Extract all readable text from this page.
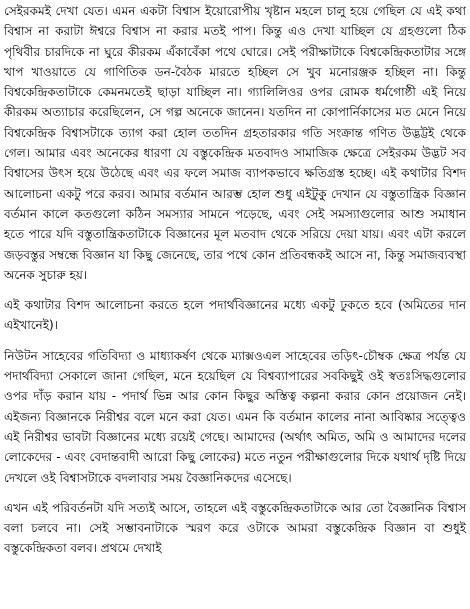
সেইরকমই দেখা যেত। এমন একটা বিশ্বাস ইয়োরোপীয় খৃষ্টান মহলে চালু হয়ে গেছিল যে এই কথা বিশ্বাস না করাটা ঈশ্বরে বিশ্বাস না করার মতই পাপ। কিন্তু এও দেখা যাচ্ছিল যে গ্রহগুলো ঠিক পৃথিবীর চারদিকে না ঘুরে কীরকম এঁকাবেঁকা পথে ঘোরে। সেই পরীক্ষাটাকে বিশ্বকেন্দ্রিকতাটার সঙ্গে খাপ খাওয়াতে যে গাণিতিক ডন-বৈঠক মারতে হচ্ছিল সে খুব মনোরঞ্জক হচ্ছিল না। কিন্তু বিশ্বকেন্দ্রিকতাটাকে কেমনমতেই ছাড়া যাচ্ছিল না। গ্যালিলিওর ওপর রোমক ধর্মগোষ্ঠী এই নিয়ে কীরকম অত্যাচার করেছিলেন, সে গল্প অনেকে জানেন। যতদিন না কোপার্নিকাসের মত মেনে নিয়ে বিশ্বকেন্দ্রিক বিশ্বাসটাকে ত্যাগ করা হোল ততদিন গ্রহতারকার গতি সংক্রান্ত গণিত উদ্ভট্টই থেকে গেল। আমার এবং অনেকের ধারণা যে বস্তুকেন্দ্রিক মতবাদও সামাজিক ক্ষেত্রে সেইরকম উদ্ভট সব বিশ্বাসের উৎস হয়ে উঠেছে এবং এর ফলে সমাজ ব্যাপকভাবে ক্ষতিগ্রস্ত হচ্ছে। এই কথাটার বিশদ আলোচনা একটু পরে করব। আমার বর্তমান আরম্ভ হোল শুধু এইটুকু দেখান যে বস্তুতান্ত্রিক বিজ্ঞান বর্তমান কালে কতগুলো কঠিন সমস্যার সামনে পড়েছে, এবং সেই সমস্যাগুলোর আশু সমাধান হতে পারে যদি বস্তুতান্ত্রিকতাটাকে বিজ্ঞানের মূল মতবাদ থেকে সরিয়ে দেয়া যায়। এবং এটা করলে জড়বস্তুর সম্বন্ধে বিজ্ঞান যা কিছু জেনেছে, তার পথে কোন প্রতিবন্ধকই আসে না, কিন্তু সমাজব্যবস্থা অনেক সুচারু হয়।

এই কথাটার বিশদ আলোচনা করতে হলে পদার্থবিজ্ঞানের মধ্যে একটু ঢুকতে হবে (অমিতের দান এইখানেই)।

নিউটন সাহেবের গতিবিদ্যা ও মাধ্যাকর্ষণ থেকে ম্যাক্সওএল সাহেবের তড়িৎ-চৌম্বক ক্ষেত্র পর্যন্ত যে পদার্থবিদ্যা সেকালে জানা গেছিল, মনে হয়েছিল যে বিশ্বব্যাপারের সবকিছুই ওই স্বতঃসিদ্ধগুলোর ওপর দাঁড় করান যায় - পদার্থ ভিন্ন আর কোন কিছুর অস্তিত্ব কল্পনা করার কোন প্রয়োজন নেই। এইজন্য বিজ্ঞানকে নিরীশ্বর বলে মনে করা যেত। এমন কি বর্তমান কালের নানা আবিষ্কার সত্ত্বেও এই নিরীশ্বর ভাবটা বিজ্ঞানের মধ্যে রয়েই গেছে। আমাদের (অর্থাৎ অমিত, অমি ও আমাদের দলের লোকেদের - এবং বেদান্তবাদী আরো কিছু লোকের) মতে নতুন পরীক্ষাগুলোর দিকে যথার্থ দৃষ্টি দিয়ে দেখলে ওই বিশ্বাসটাকে বদলাবার সময় বৈজ্ঞানিকদের এসেছে।

এখন এই পরিবর্তনটা যদি সত্যই আসে, তাহলে এই বস্তুকেন্দ্রিকতাটাকে আর তো বৈজ্ঞানিক বিশ্বাস বলা চলবে না। সেই সম্ভাবনাটাকে স্মরণ করে ওটাকে আমরা বস্তুকেন্দ্রিক বিজ্ঞান বা শুধুই বস্তুকেন্দ্রিকতা বলব। প্রথমে দেখাই
